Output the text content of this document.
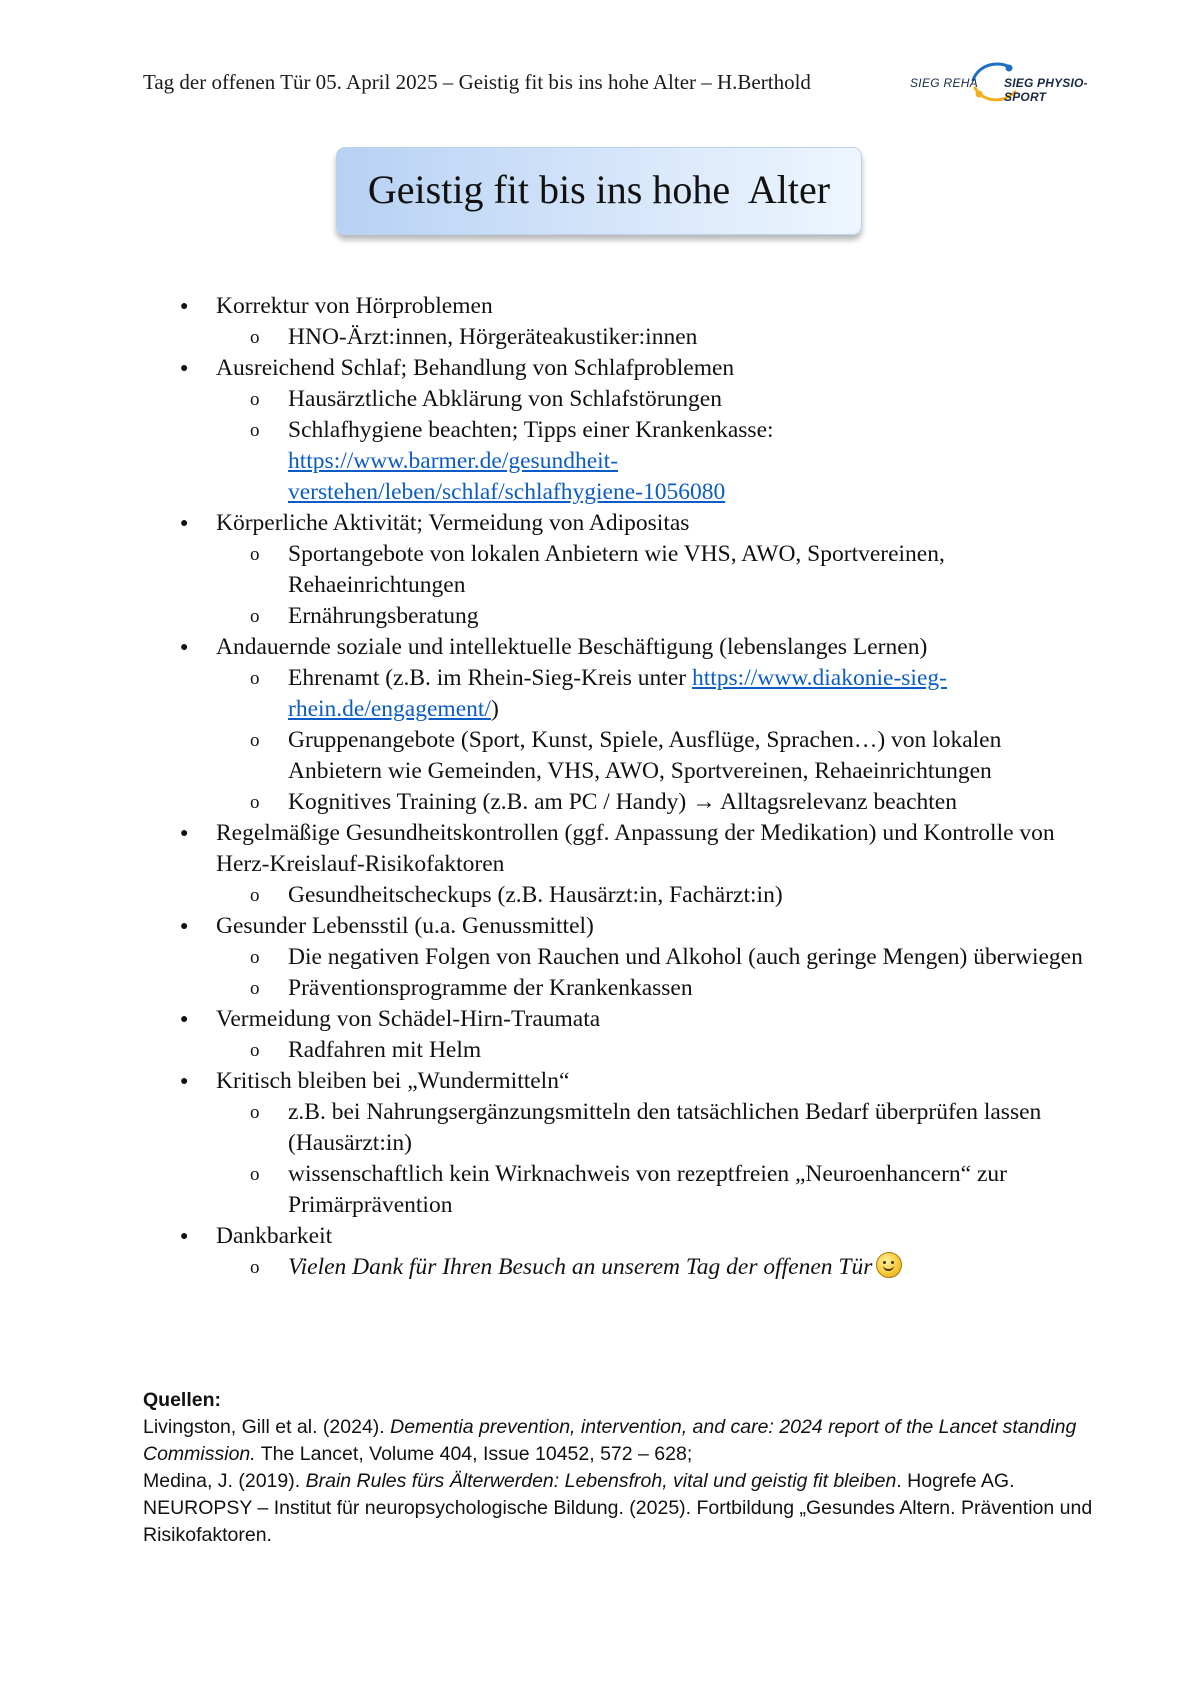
Tag der offenen Tür 05. April 2025 – Geistig fit bis ins hohe Alter – H.Berthold	SIEG REHA SIEG PHYSIO-SPORT
Geistig fit bis ins hohe  Alter
● Korrektur von Hörproblemen
o HNO-Ärzt:innen, Hörgeräteakustiker:innen
● Ausreichend Schlaf; Behandlung von Schlafproblemen
o Hausärztliche Abklärung von Schlafstörungen
o Schlafhygiene beachten; Tipps einer Krankenkasse:
https://www.barmer.de/gesundheit-
verstehen/leben/schlaf/schlafhygiene-1056080
● Körperliche Aktivität; Vermeidung von Adipositas
o Sportangebote von lokalen Anbietern wie VHS, AWO, Sportvereinen, Rehaeinrichtungen
o Ernährungsberatung
● Andauernde soziale und intellektuelle Beschäftigung (lebenslanges Lernen)
o Ehrenamt (z.B. im Rhein-Sieg-Kreis unter https://www.diakonie-sieg-rhein.de/engagement/)
o Gruppenangebote (Sport, Kunst, Spiele, Ausflüge, Sprachen…) von lokalen Anbietern wie Gemeinden, VHS, AWO, Sportvereinen, Rehaeinrichtungen
o Kognitives Training (z.B. am PC / Handy) → Alltagsrelevanz beachten
● Regelmäßige Gesundheitskontrollen (ggf. Anpassung der Medikation) und Kontrolle von Herz-Kreislauf-Risikofaktoren
o Gesundheitscheckups (z.B. Hausärzt:in, Fachärzt:in)
● Gesunder Lebensstil (u.a. Genussmittel)
o Die negativen Folgen von Rauchen und Alkohol (auch geringe Mengen) überwiegen
o Präventionsprogramme der Krankenkassen
● Vermeidung von Schädel-Hirn-Traumata
o Radfahren mit Helm
● Kritisch bleiben bei „Wundermitteln“
o z.B. bei Nahrungsergänzungsmitteln den tatsächlichen Bedarf überprüfen lassen (Hausärzt:in)
o wissenschaftlich kein Wirknachweis von rezeptfreien „Neuroenhancern“ zur Primärprävention
● Dankbarkeit
o Vielen Dank für Ihren Besuch an unserem Tag der offenen Tür
Quellen:
Livingston, Gill et al. (2024). Dementia prevention, intervention, and care: 2024 report of the Lancet standing Commission. The Lancet, Volume 404, Issue 10452, 572 – 628;
Medina, J. (2019). Brain Rules fürs Älterwerden: Lebensfroh, vital und geistig fit bleiben. Hogrefe AG.
NEUROPSY – Institut für neuropsychologische Bildung. (2025). Fortbildung „Gesundes Altern. Prävention und Risikofaktoren.
